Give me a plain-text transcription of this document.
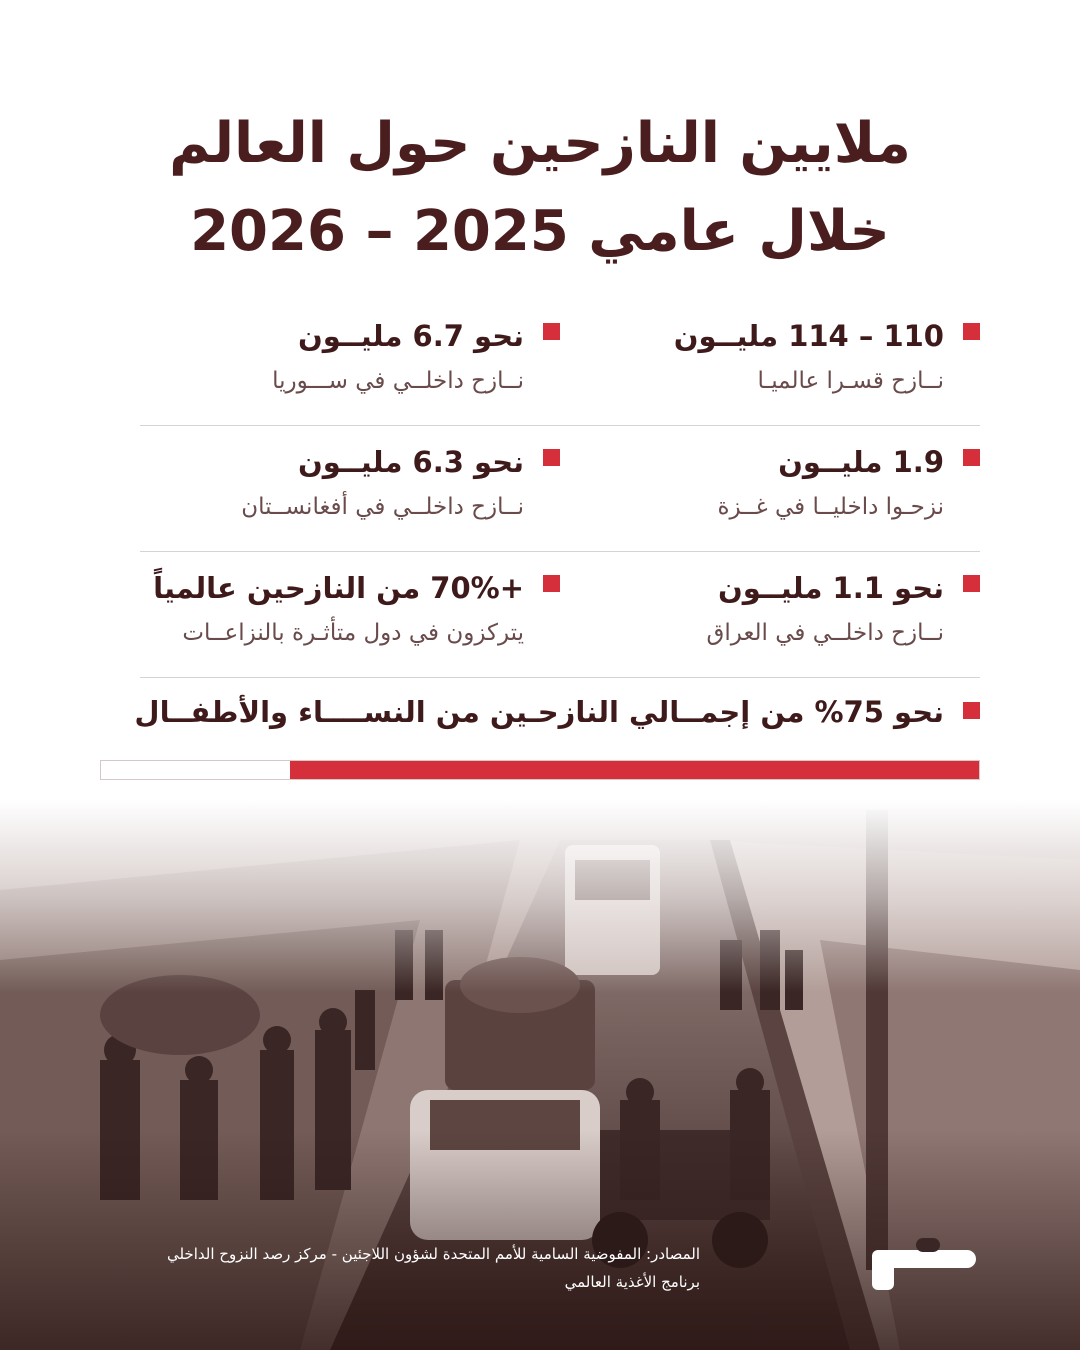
ملايين النازحين حول العالم
خلال عامي 2025 – 2026
110 – 114 مليــون
نــازح قسـرا عالميـا
نحو 6.7 مليــون
نــازح داخلــي في ســـوريا
1.9 مليــون
نزحـوا داخليــا في غــزة
نحو 6.3 مليــون
نــازح داخلــي في أفغانســتان
نحو 1.1 مليــون
نــازح داخلــي في العراق
+70% من النازحين عالمياً
يتركزون في دول متأثـرة بالنزاعــات
نحو 75% من إجمــالي النازحـين من النســــاء والأطفــال
المصادر: المفوضية السامية للأمم المتحدة لشؤون اللاجئين - مركز رصد النزوح الداخلي
برنامج الأغذية العالمي
